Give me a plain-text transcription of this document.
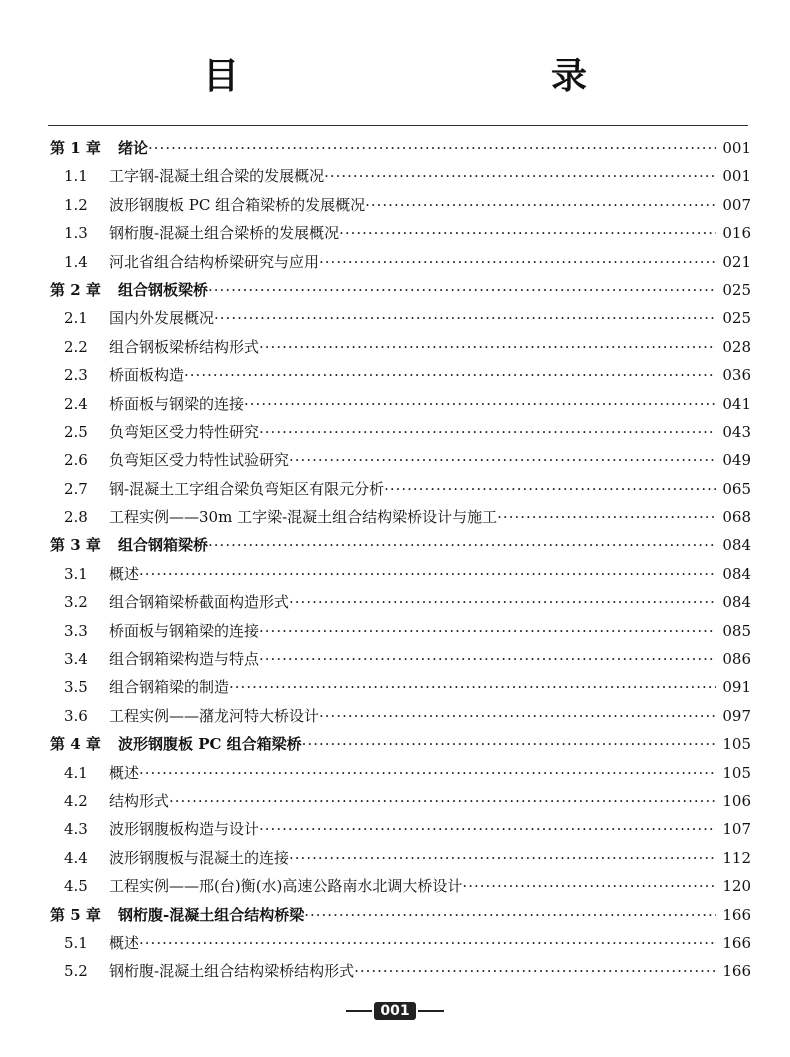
目　　录
第 1 章 绪论 ·····	001
1.1 工字钢-混凝土组合梁的发展概况 ·····	001
1.2 波形钢腹板 PC 组合箱梁桥的发展概况 ·····	007
1.3 钢桁腹-混凝土组合梁桥的发展概况 ·····	016
1.4 河北省组合结构桥梁研究与应用 ·····	021
第 2 章 组合钢板梁桥 ·····	025
2.1 国内外发展概况 ·····	025
2.2 组合钢板梁桥结构形式 ·····	028
2.3 桥面板构造 ·····	036
2.4 桥面板与钢梁的连接 ·····	041
2.5 负弯矩区受力特性研究 ·····	043
2.6 负弯矩区受力特性试验研究 ·····	049
2.7 钢-混凝土工字组合梁负弯矩区有限元分析 ·····	065
2.8 工程实例——30m 工字梁-混凝土组合结构梁桥设计与施工 ·····	068
第 3 章 组合钢箱梁桥 ·····	084
3.1 概述 ·····	084
3.2 组合钢箱梁桥截面构造形式 ·····	084
3.3 桥面板与钢箱梁的连接 ·····	085
3.4 组合钢箱梁构造与特点 ·····	086
3.5 组合钢箱梁的制造 ·····	091
3.6 工程实例——潴龙河特大桥设计 ·····	097
第 4 章 波形钢腹板 PC 组合箱梁桥 ·····	105
4.1 概述 ·····	105
4.2 结构形式 ·····	106
4.3 波形钢腹板构造与设计 ·····	107
4.4 波形钢腹板与混凝土的连接 ·····	112
4.5 工程实例——邢(台)衡(水)高速公路南水北调大桥设计 ·····	120
第 5 章 钢桁腹-混凝土组合结构桥梁 ·····	166
5.1 概述 ·····	166
5.2 钢桁腹-混凝土组合结构梁桥结构形式 ·····	166
001
